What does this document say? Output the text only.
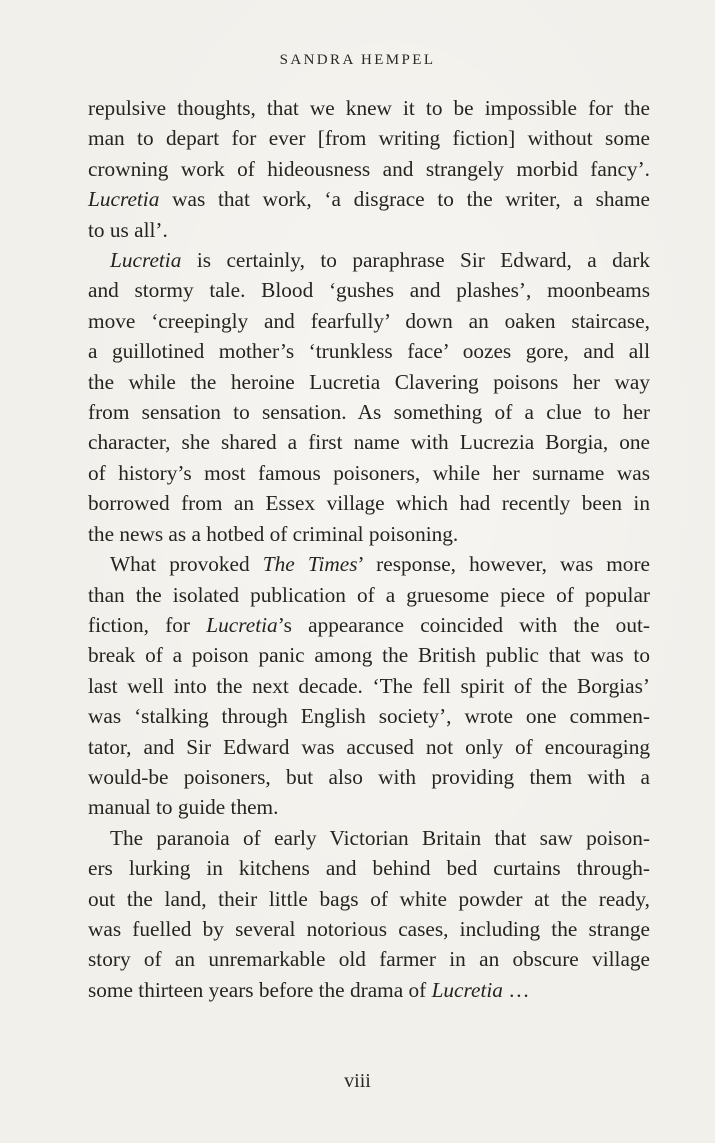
SANDRA HEMPEL
repulsive thoughts, that we knew it to be impossible for the
man to depart for ever [from writing fiction] without some
crowning work of hideousness and strangely morbid fancy’.
Lucretia was that work, ‘a disgrace to the writer, a shame
to us all’.
Lucretia is certainly, to paraphrase Sir Edward, a dark
and stormy tale. Blood ‘gushes and plashes’, moonbeams
move ‘creepingly and fearfully’ down an oaken staircase,
a guillotined mother’s ‘trunkless face’ oozes gore, and all
the while the heroine Lucretia Clavering poisons her way
from sensation to sensation. As something of a clue to her
character, she shared a first name with Lucrezia Borgia, one
of history’s most famous poisoners, while her surname was
borrowed from an Essex village which had recently been in
the news as a hotbed of criminal poisoning.
What provoked The Times’ response, however, was more
than the isolated publication of a gruesome piece of popular
fiction, for Lucretia’s appearance coincided with the out-
break of a poison panic among the British public that was to
last well into the next decade. ‘The fell spirit of the Borgias’
was ‘stalking through English society’, wrote one commen-
tator, and Sir Edward was accused not only of encouraging
would-be poisoners, but also with providing them with a
manual to guide them.
The paranoia of early Victorian Britain that saw poison-
ers lurking in kitchens and behind bed curtains through-
out the land, their little bags of white powder at the ready,
was fuelled by several notorious cases, including the strange
story of an unremarkable old farmer in an obscure village
some thirteen years before the drama of Lucretia …
viii
